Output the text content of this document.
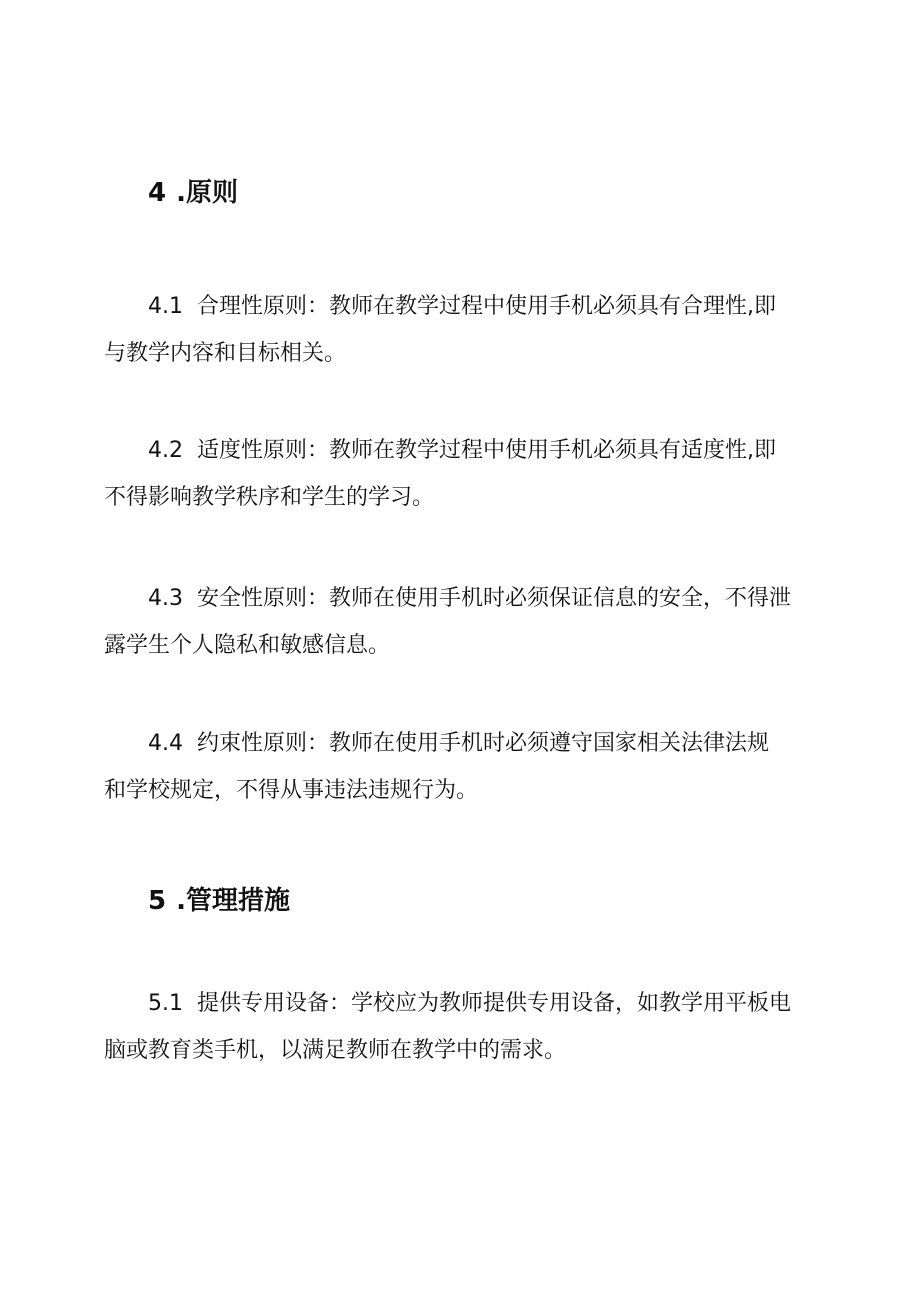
4 .原则

4.1 合理性原则：教师在教学过程中使用手机必须具有合理性,即
与教学内容和目标相关。

4.2 适度性原则：教师在教学过程中使用手机必须具有适度性,即
不得影响教学秩序和学生的学习。

4.3 安全性原则：教师在使用手机时必须保证信息的安全，不得泄
露学生个人隐私和敏感信息。

4.4 约束性原则：教师在使用手机时必须遵守国家相关法律法规
和学校规定，不得从事违法违规行为。

5 .管理措施

5.1 提供专用设备：学校应为教师提供专用设备，如教学用平板电
脑或教育类手机，以满足教师在教学中的需求。
